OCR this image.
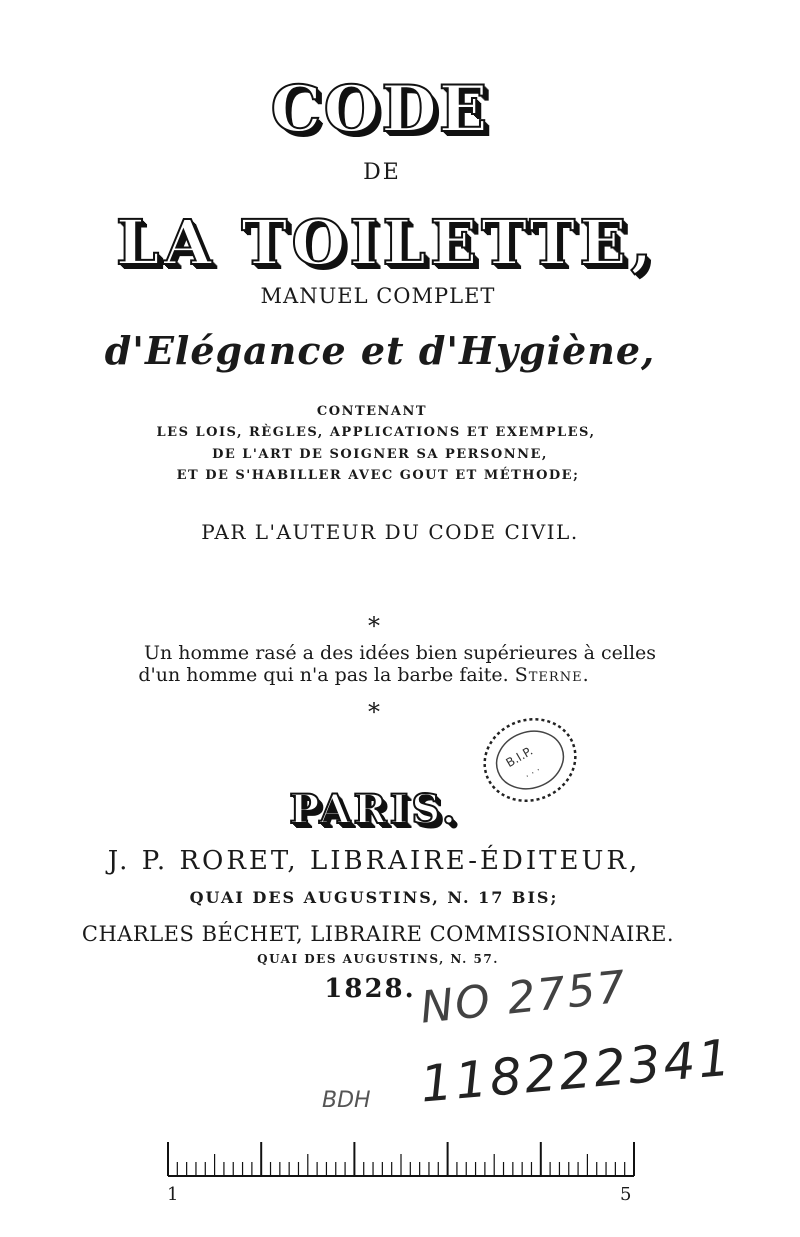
CODE
DE
LA TOILETTE,
MANUEL COMPLET
d'Elégance et d'Hygiène,
CONTENANT
LES LOIS, RÈGLES, APPLICATIONS ET EXEMPLES,
DE L'ART DE SOIGNER SA PERSONNE,
ET DE S'HABILLER AVEC GOUT ET MÉTHODE;
PAR L'AUTEUR DU CODE CIVIL.
*
Un homme rasé a des idées bien supérieures à celles
d'un homme qui n'a pas la barbe faite. Sterne.
*
B.I.P.
· · ·
PARIS.
J. P. RORET, LIBRAIRE-ÉDITEUR,
QUAI DES AUGUSTINS, N. 17 BIS;
CHARLES BÉCHET, LIBRAIRE COMMISSIONNAIRE.
QUAI DES AUGUSTINS, N. 57.
1828. NO 2757
118222341
BDH
1	5
